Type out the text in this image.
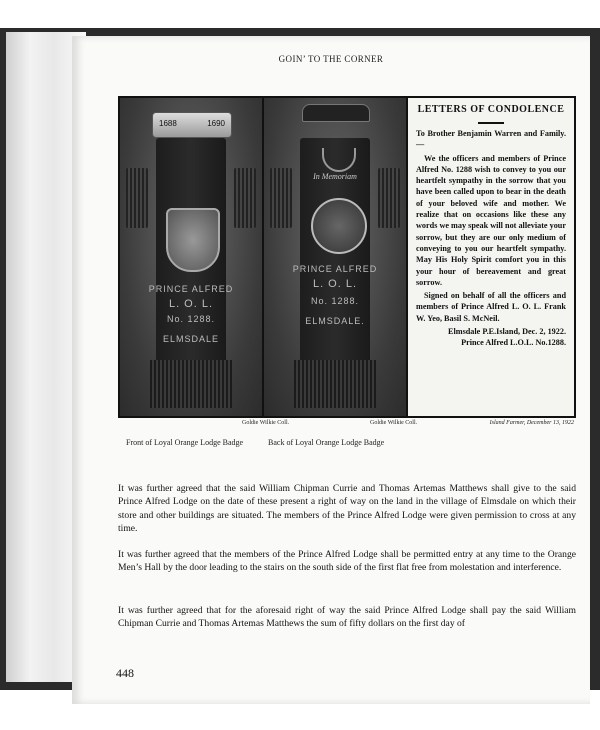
GOIN’ TO THE CORNER
1688	1690
PRINCE ALFRED
L. O. L.
No. 1288.
ELMSDALE
In Memoriam
PRINCE ALFRED
L. O. L.
No. 1288.
ELMSDALE.
LETTERS OF CONDOLENCE

To Brother Benjamin Warren and Family.—

We the officers and members of Prince Alfred No. 1288 wish to convey to you our heartfelt sympathy in the sorrow that you have been called upon to bear in the death of your beloved wife and mother. We realize that on occasions like these any words we may speak will not alleviate your sorrow, but they are our only medium of conveying to you our heartfelt sympathy. May His Holy Spirit comfort you in this your hour of bereavement and great sorrow.

Signed on behalf of all the officers and members of Prince Alfred L. O. L. Frank W. Yeo, Basil S. McNeil.

Elmsdale P.E.Island, Dec. 2, 1922.

Prince Alfred L.O.L. No.1288.

Goldie Wilkie Coll.	Goldie Wilkie Coll.	Island Farmer, December 13, 1922
Front of Loyal Orange Lodge Badge	Back of Loyal Orange Lodge Badge

It was further agreed that the said William Chipman Currie and Thomas Artemas Matthews shall give to the said Prince Alfred Lodge on the date of these present a right of way on the land in the village of Elmsdale on which their store and other buildings are situated. The members of the Prince Alfred Lodge were given permission to cross at any time.

It was further agreed that the members of the Prince Alfred Lodge shall be permitted entry at any time to the Orange Men’s Hall by the door leading to the stairs on the south side of the first flat free from molestation and interference.

It was further agreed that for the aforesaid right of way the said Prince Alfred Lodge shall pay the said William Chipman Currie and Thomas Artemas Matthews the sum of fifty dollars on the first day of

448
